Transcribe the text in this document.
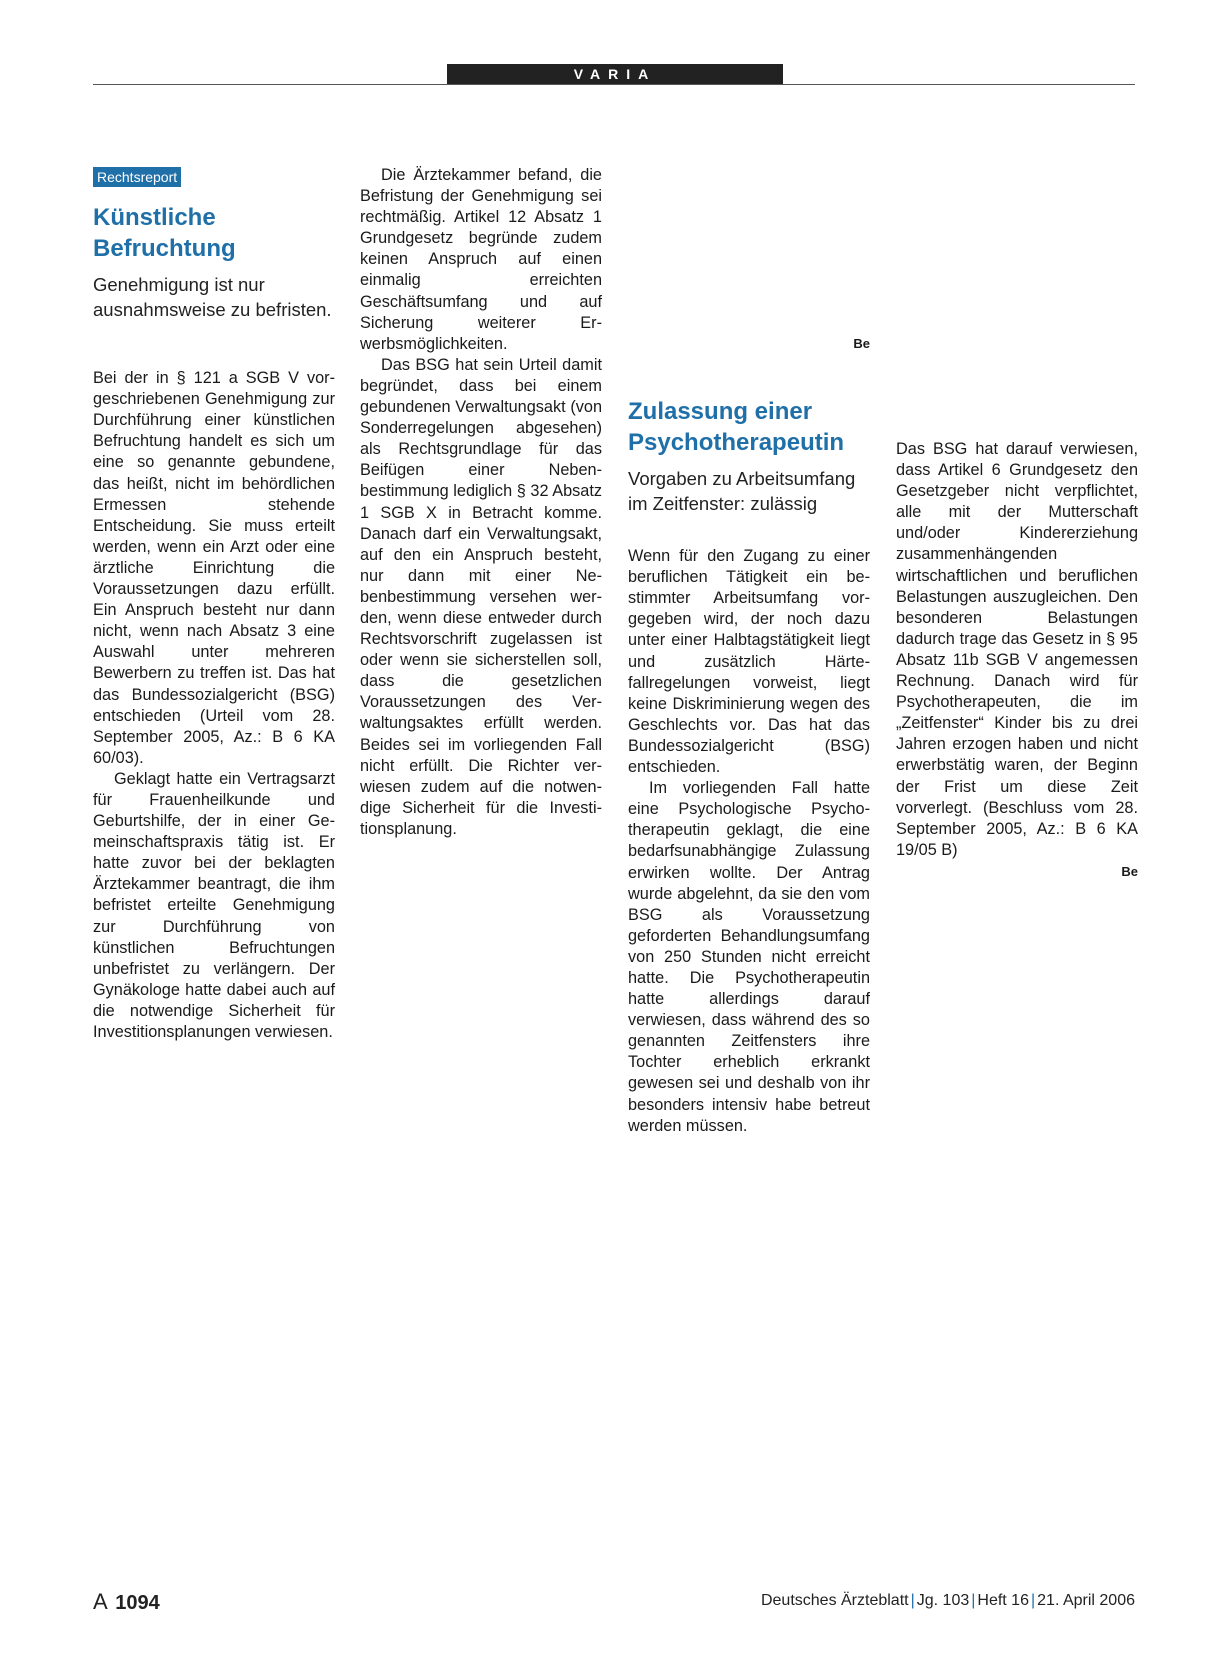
VARIA
Rechtsreport
Künstliche Befruchtung
Genehmigung ist nur ausnahmsweise zu befristen.

Bei der in § 121 a SGB V vorgeschriebenen Genehmigung zur Durchführung einer künstlichen Befruchtung handelt es sich um eine so genannte gebundene, das heißt, nicht im behördlichen Ermessen stehende Entscheidung. Sie muss erteilt werden, wenn ein Arzt oder eine ärztliche Einrichtung die Voraussetzungen dazu erfüllt. Ein Anspruch besteht nur dann nicht, wenn nach Absatz 3 eine Auswahl unter mehreren Bewerbern zu treffen ist. Das hat das Bundessozialgericht (BSG) entschieden (Urteil vom 28. September 2005, Az.: B 6 KA 60/03).

Geklagt hatte ein Vertragsarzt für Frauenheilkunde und Geburtshilfe, der in einer Gemeinschaftspraxis tätig ist. Er hatte zuvor bei der beklagten Ärztekammer beantragt, die ihm befristet erteilte Genehmigung zur Durchführung von künstlichen Befruchtungen unbefristet zu verlängern. Der Gynäkologe hatte dabei auch auf die notwendige Sicherheit für Investitionsplanungen verwiesen.

Die Ärztekammer befand, die Befristung der Genehmigung sei rechtmäßig. Artikel 12 Absatz 1 Grundgesetz begründe zudem keinen Anspruch auf einen einmalig erreichten Geschäftsumfang und auf Sicherung weiterer Erwerbsmöglichkeiten.

Das BSG hat sein Urteil damit begründet, dass bei einem gebundenen Verwaltungsakt (von Sonderregelungen abgesehen) als Rechtsgrundlage für das Beifügen einer Nebenbestimmung lediglich § 32 Absatz 1 SGB X in Betracht komme. Danach darf ein Verwaltungsakt, auf den ein Anspruch besteht, nur dann mit einer Nebenbestimmung versehen werden, wenn diese entweder durch Rechtsvorschrift zugelassen ist oder wenn sie sicherstellen soll, dass die gesetzlichen Voraussetzungen des Verwaltungsaktes erfüllt werden. Beides sei im vorliegenden Fall nicht erfüllt. Die Richter verwiesen zudem auf die notwendige Sicherheit für die Investitionsplanung.

Be
Zulassung einer Psychotherapeutin
Vorgaben zu Arbeitsumfang im Zeitfenster: zulässig

Wenn für den Zugang zu einer beruflichen Tätigkeit ein bestimmter Arbeitsumfang vorgegeben wird, der noch dazu unter einer Halbtagstätigkeit liegt und zusätzlich Härtefallregelungen vorweist, liegt keine Diskriminierung wegen des Geschlechts vor. Das hat das Bundessozialgericht (BSG) entschieden.

Im vorliegenden Fall hatte eine Psychologische Psychotherapeutin geklagt, die eine bedarfsunabhängige Zulassung erwirken wollte. Der Antrag wurde abgelehnt, da sie den vom BSG als Voraussetzung geforderten Behandlungsumfang von 250 Stunden nicht erreicht hatte. Die Psychotherapeutin hatte allerdings darauf verwiesen, dass während des so genannten Zeitfensters ihre Tochter erheblich erkrankt gewesen sei und deshalb von ihr besonders intensiv habe betreut werden müssen.

Das BSG hat darauf verwiesen, dass Artikel 6 Grundgesetz den Gesetzgeber nicht verpflichtet, alle mit der Mutterschaft und/oder Kindererziehung zusammenhängenden wirtschaftlichen und beruflichen Belastungen auszugleichen. Den besonderen Belastungen dadurch trage das Gesetz in § 95 Absatz 11b SGB V angemessen Rechnung. Danach wird für Psychotherapeuten, die im „Zeitfenster“ Kinder bis zu drei Jahren erzogen haben und nicht erwerbstätig waren, der Beginn der Frist um diese Zeit vorverlegt. (Beschluss vom 28. September 2005, Az.: B 6 KA 19/05 B)

Be
A 1094	Deutsches Ärzteblatt | Jg. 103 | Heft 16 | 21. April 2006
